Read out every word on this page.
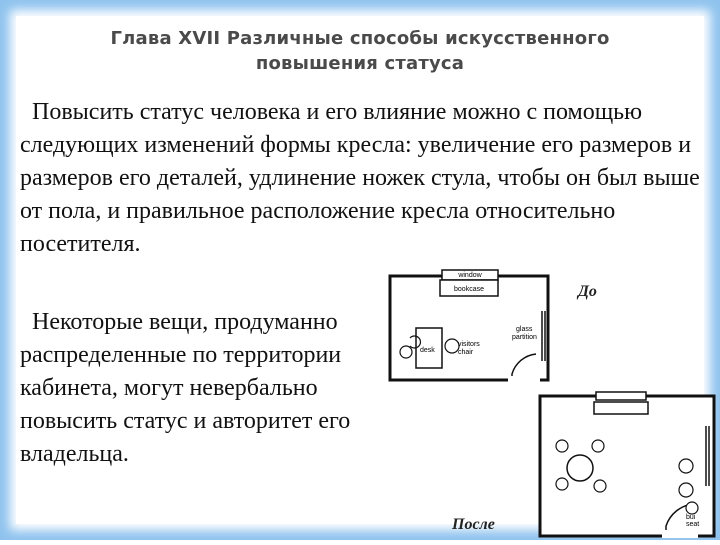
Глава XVII Различные способы искусственного
повышения статуса

Повысить статус человека и его влияние можно с помощью следующих изменений формы кресла: увеличение его размеров и размеров его деталей, удлинение ножек стула, чтобы он был выше от пола, и правильное расположение кресла относительно посетителя.

Некоторые вещи, продуманно распределенные по территории кабинета, могут невербально повысить статус и авторитет его владельца.

window
bookcase
glass
partition
desk
visitors
chair
До
bui
seat
После
